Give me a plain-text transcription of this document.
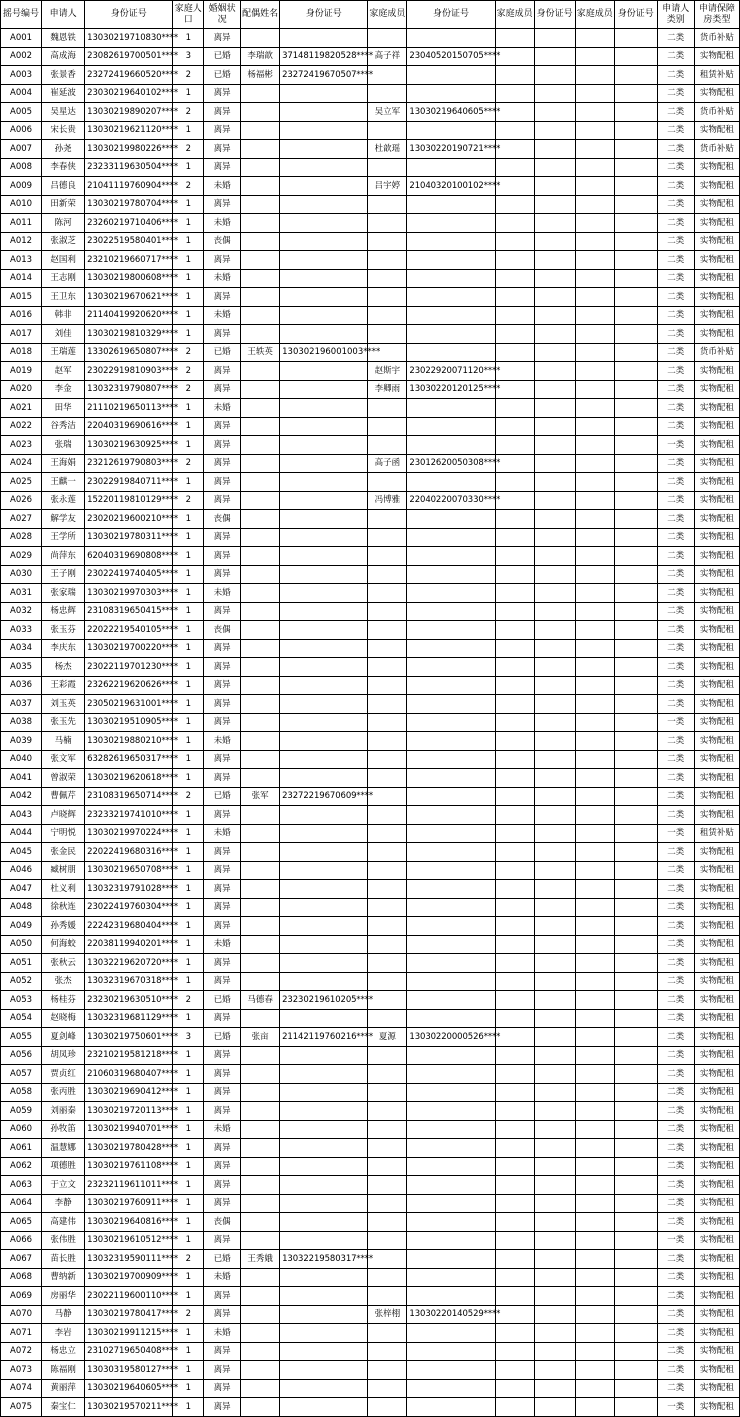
摇号编号	申请人	身份证号	家庭人口	婚姻状况	配偶姓名	身份证号	家庭成员	身份证号	家庭成员	身份证号	家庭成员	身份证号	申请人类别	申请保障房类型
A001	魏恩铁	13030219710830****	1	离异									二类	货币补贴
A002	高成海	23082619700501****	3	已婚	李瑞歆	37148119820528****	高子祥	23040520150705****					二类	实物配租
A003	张景香	23272419660520****	2	已婚	杨福彬	23272419670507****							二类	租赁补贴
A004	崔延波	23030219640102****	1	离异									二类	实物配租
A005	吴星达	13030219890207****	2	离异			吴立军	13030219640605****					二类	货币补贴
A006	宋长贵	13030219621120****	1	离异									二类	实物配租
A007	孙尧	13030219980226****	2	离异			杜歆瑶	13030220190721****					二类	货币补贴
A008	李春侠	23233119630504****	1	离异									二类	实物配租
A009	吕德良	21041119760904****	2	未婚			吕宇婷	21040320100102****					二类	实物配租
A010	田新荣	13030219780704****	1	离异									二类	实物配租
A011	陈河	23260219710406****	1	未婚									二类	实物配租
A012	张淑芝	23022519580401****	1	丧偶									二类	实物配租
A013	赵国利	23210219660717****	1	离异									二类	实物配租
A014	王志刚	13030219800608****	1	未婚									二类	实物配租
A015	王卫东	13030219670621****	1	离异									二类	实物配租
A016	韩非	21140419920620****	1	未婚									二类	实物配租
A017	刘佳	13030219810329****	1	离异									二类	实物配租
A018	王瑞莲	13302619650807****	2	已婚	王轶英	130302196001003****							二类	货币补贴
A019	赵军	23022919810903****	2	离异			赵斯宇	23022920071120****					二类	实物配租
A020	李金	13032319790807****	2	离异			李卿雨	13030220120125****					二类	实物配租
A021	田华	21110219650113****	1	未婚									二类	实物配租
A022	谷秀洁	22040319690616****	1	离异									二类	实物配租
A023	张瑞	13030219630925****	1	离异									一类	实物配租
A024	王海娟	23212619790803****	2	离异			高子函	23012620050308****					二类	实物配租
A025	王麒一	23022919840711****	1	离异									二类	实物配租
A026	张永莲	15220119810129****	2	离异			冯博雅	22040220070330****					二类	实物配租
A027	解学友	23020219600210****	1	丧偶									二类	实物配租
A028	王学所	13030219780311****	1	离异									二类	实物配租
A029	尚萍东	62040319690808****	1	离异									二类	实物配租
A030	王子刚	23022419740405****	1	离异									二类	实物配租
A031	张家瑞	13030219970303****	1	未婚									二类	实物配租
A032	杨忠辉	23108319650415****	1	离异									二类	实物配租
A033	张玉芬	22022219540105****	1	丧偶									二类	实物配租
A034	李庆东	13030219700220****	1	离异									二类	实物配租
A035	杨杰	23022119701230****	1	离异									二类	实物配租
A036	王彩霞	23262219620626****	1	离异									二类	实物配租
A037	刘玉英	23050219631001****	1	离异									二类	实物配租
A038	张玉先	13030219510905****	1	离异									一类	实物配租
A039	马楠	13030219880210****	1	未婚									二类	实物配租
A040	张文军	63282619650317****	1	离异									二类	实物配租
A041	曾淑荣	13030219620618****	1	离异									二类	实物配租
A042	曹佩芹	23108319650714****	2	已婚	张军	23272219670609****							二类	实物配租
A043	卢晓辉	23233219741010****	1	离异									二类	实物配租
A044	宁明悦	13030219970224****	1	未婚									一类	租赁补贴
A045	张金民	22022419680316****	1	离异									二类	实物配租
A046	臧树朋	13030219650708****	1	离异									二类	实物配租
A047	杜义利	13032319791028****	1	离异									二类	实物配租
A048	徐秋连	23022419760304****	1	离异									二类	实物配租
A049	孙秀媛	22242319680404****	1	离异									二类	实物配租
A050	何海蛟	22038119940201****	1	未婚									二类	实物配租
A051	张秋云	13032219620720****	1	离异									二类	实物配租
A052	张杰	13032319670318****	1	离异									二类	实物配租
A053	杨桂芬	23230219630510****	2	已婚	马德春	23230219610205****							二类	实物配租
A054	赵晓梅	13032319681129****	1	离异									二类	实物配租
A055	夏剑峰	13030219750601****	3	已婚	张亩	21142119760216****	夏源	13030220000526****					二类	实物配租
A056	胡凤珍	23210219581218****	1	离异									二类	实物配租
A057	贾贞红	21060319680407****	1	离异									二类	实物配租
A058	张丙胜	13030219690412****	1	离异									二类	实物配租
A059	刘丽秦	13030219720113****	1	离异									二类	实物配租
A060	孙牧笛	13030219940701****	1	未婚									二类	实物配租
A061	温慧娜	13030219780428****	1	离异									二类	实物配租
A062	项德胜	13030219761108****	1	离异									二类	实物配租
A063	于立文	23232119611011****	1	离异									二类	实物配租
A064	李静	13030219760911****	1	离异									二类	实物配租
A065	高建伟	13030219640816****	1	丧偶									二类	实物配租
A066	张伟胜	13030219610512****	1	离异									一类	实物配租
A067	苗长胜	13032319590111****	2	已婚	王秀娥	13032219580317****							二类	实物配租
A068	曹纳新	13030219700909****	1	未婚									二类	实物配租
A069	房丽华	23022119600110****	1	离异									二类	实物配租
A070	马静	13030219780417****	2	离异			张梓栩	13030220140529****					二类	实物配租
A071	李岩	13030219911215****	1	未婚									二类	实物配租
A072	杨忠立	23102719650408****	1	离异									二类	实物配租
A073	陈福刚	13030319580127****	1	离异									二类	实物配租
A074	黄丽萍	13030219640605****	1	离异									二类	实物配租
A075	秦宝仁	13030219570211****	1	离异									一类	实物配租
